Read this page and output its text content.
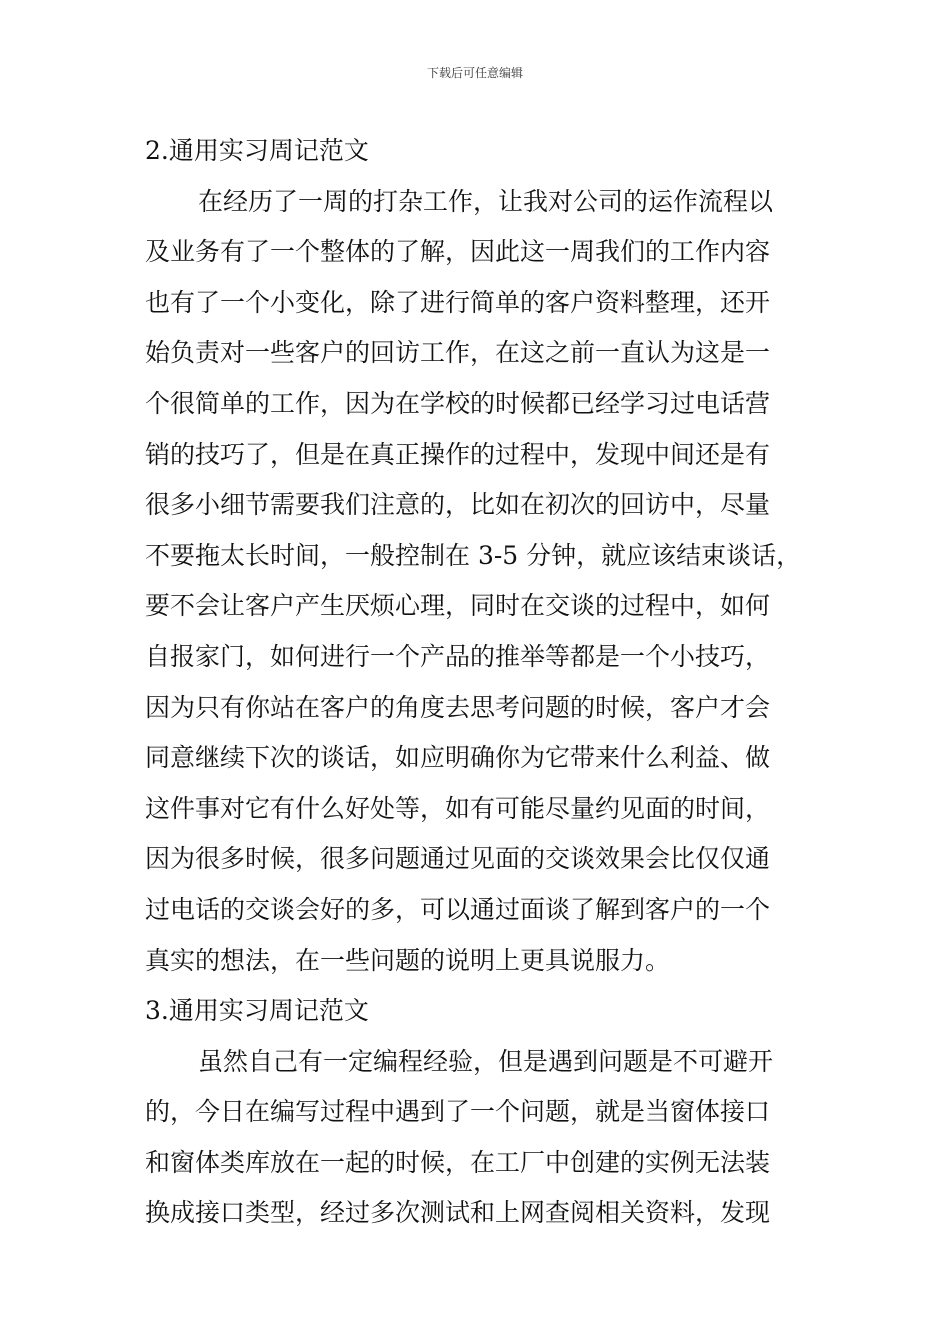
下载后可任意编辑
2.通用实习周记范文

在经历了一周的打杂工作，让我对公司的运作流程以

及业务有了一个整体的了解，因此这一周我们的工作内容

也有了一个小变化，除了进行简单的客户资料整理，还开

始负责对一些客户的回访工作，在这之前一直认为这是一

个很简单的工作，因为在学校的时候都已经学习过电话营

销的技巧了，但是在真正操作的过程中，发现中间还是有

很多小细节需要我们注意的，比如在初次的回访中，尽量

不要拖太长时间，一般控制在 3-5 分钟，就应该结束谈话，

要不会让客户产生厌烦心理，同时在交谈的过程中，如何

自报家门，如何进行一个产品的推举等都是一个小技巧，

因为只有你站在客户的角度去思考问题的时候，客户才会

同意继续下次的谈话，如应明确你为它带来什么利益、做

这件事对它有什么好处等，如有可能尽量约见面的时间，

因为很多时候，很多问题通过见面的交谈效果会比仅仅通

过电话的交谈会好的多，可以通过面谈了解到客户的一个

真实的想法，在一些问题的说明上更具说服力。

3.通用实习周记范文

虽然自己有一定编程经验，但是遇到问题是不可避开

的，今日在编写过程中遇到了一个问题，就是当窗体接口

和窗体类库放在一起的时候，在工厂中创建的实例无法装

换成接口类型，经过多次测试和上网查阅相关资料，发现
